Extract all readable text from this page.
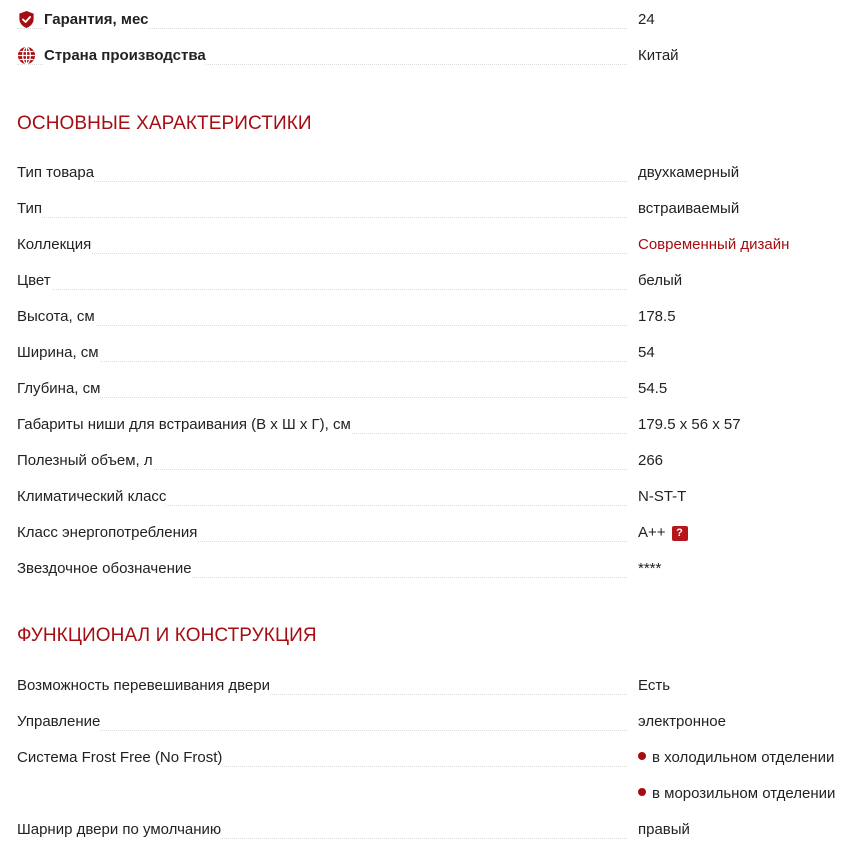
Гарантия, мес	24
Страна производства	Китай
ОСНОВНЫЕ ХАРАКТЕРИСТИКИ
Тип товара	двухкамерный
Тип	встраиваемый
Коллекция	Современный дизайн
Цвет	белый
Высота, см	178.5
Ширина, см	54
Глубина, см	54.5
Габариты ниши для встраивания (В x Ш x Г), см	179.5 x 56 x 57
Полезный объем, л	266
Климатический класс	N-ST-T
Класс энергопотребления	A++ ?
Звездочное обозначение	****
ФУНКЦИОНАЛ И КОНСТРУКЦИЯ
Возможность перевешивания двери	Есть
Управление	электронное
Система Frost Free (No Frost)	в холодильном отделении
в морозильном отделении
Шарнир двери по умолчанию	правый
